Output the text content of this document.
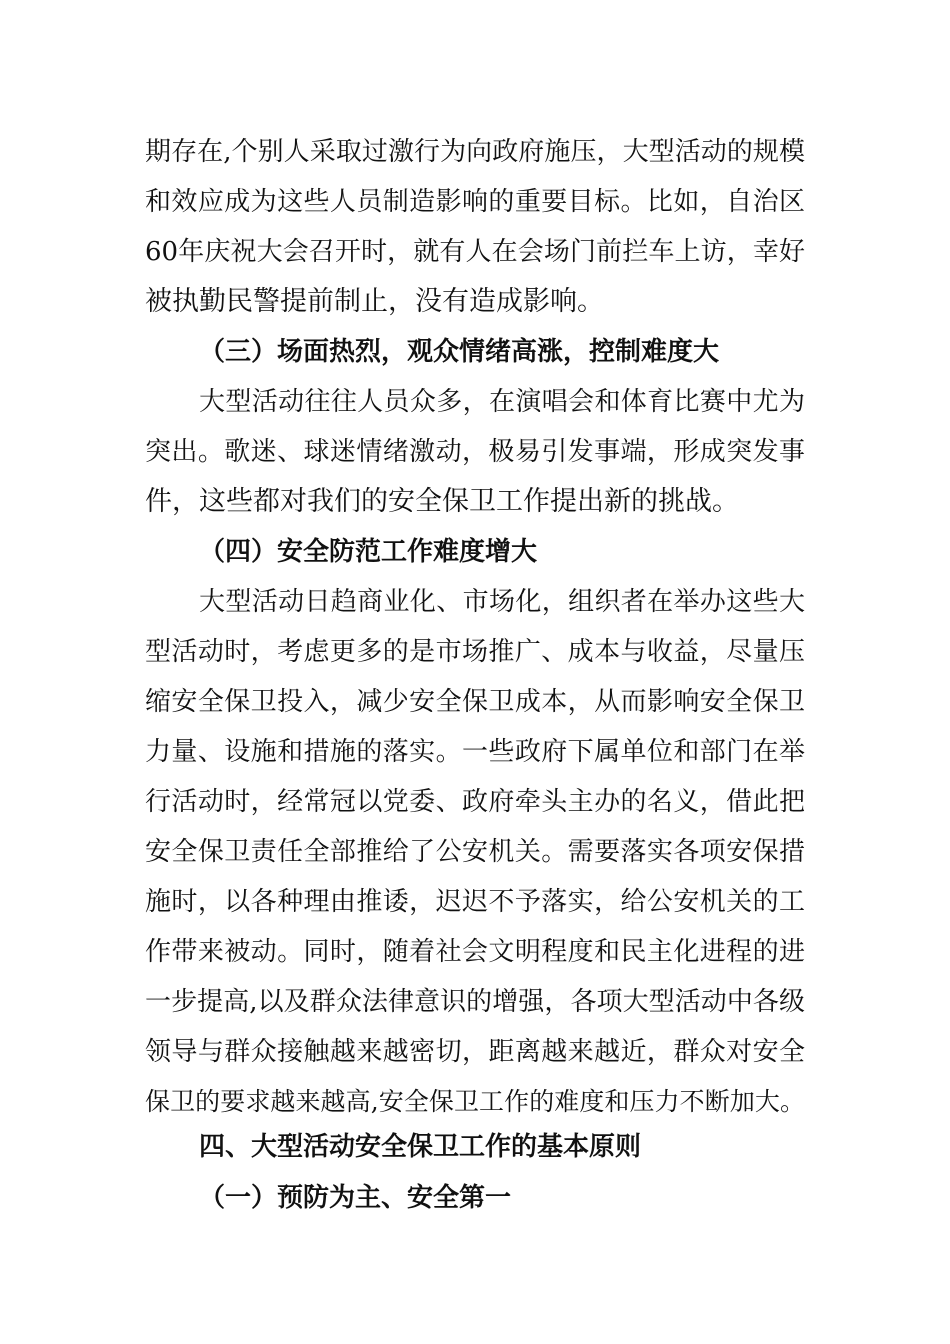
期存在,个别人采取过激行为向政府施压，大型活动的规模
和效应成为这些人员制造影响的重要目标。比如，自治区
60年庆祝大会召开时，就有人在会场门前拦车上访，幸好
被执勤民警提前制止，没有造成影响。
（三）场面热烈，观众情绪高涨，控制难度大
大型活动往往人员众多，在演唱会和体育比赛中尤为
突出。歌迷、球迷情绪激动，极易引发事端，形成突发事
件，这些都对我们的安全保卫工作提出新的挑战。
（四）安全防范工作难度增大
大型活动日趋商业化、市场化，组织者在举办这些大
型活动时，考虑更多的是市场推广、成本与收益，尽量压
缩安全保卫投入，减少安全保卫成本，从而影响安全保卫
力量、设施和措施的落实。一些政府下属单位和部门在举
行活动时，经常冠以党委、政府牵头主办的名义，借此把
安全保卫责任全部推给了公安机关。需要落实各项安保措
施时，以各种理由推诿，迟迟不予落实，给公安机关的工
作带来被动。同时，随着社会文明程度和民主化进程的进
一步提高,以及群众法律意识的增强，各项大型活动中各级
领导与群众接触越来越密切，距离越来越近，群众对安全
保卫的要求越来越高,安全保卫工作的难度和压力不断加大。
四、大型活动安全保卫工作的基本原则
（一）预防为主、安全第一
